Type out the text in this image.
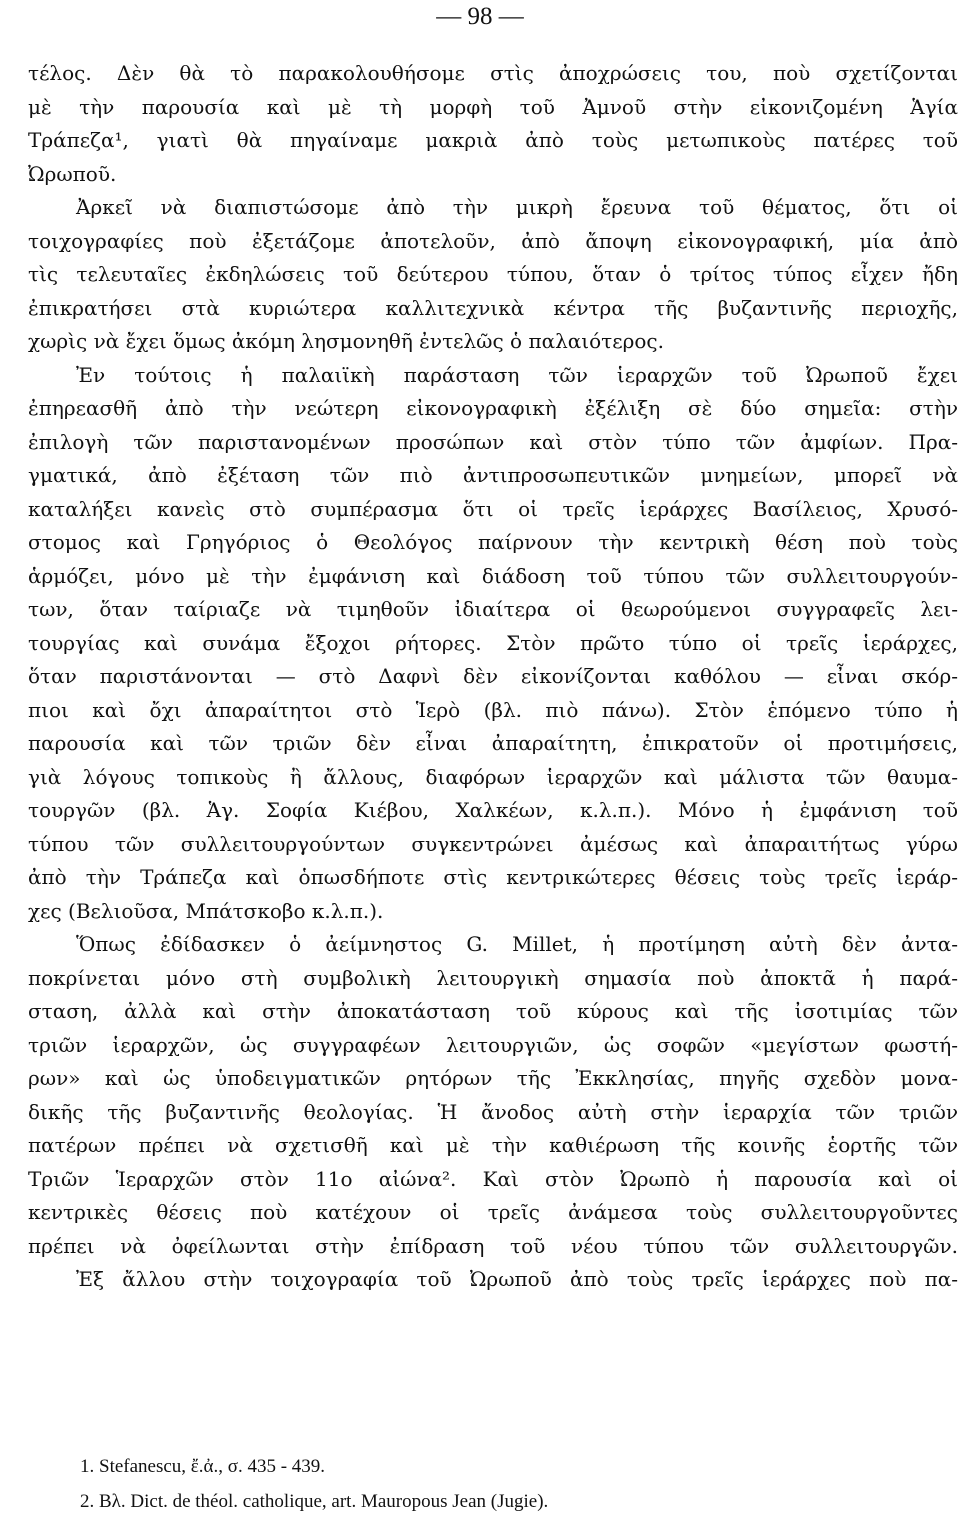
— 98 —
τέλος. Δὲν θὰ τὸ παρακολουθήσομε στὶς ἀποχρώσεις του, ποὺ σχετίζονται
μὲ τὴν παρουσία καὶ μὲ τὴ μορφὴ τοῦ Ἀμνοῦ στὴν εἰκονιζομένη Ἁγία
Τράπεζα¹, γιατὶ θὰ πηγαίναμε μακριὰ ἀπὸ τοὺς μετωπικοὺς πατέρες τοῦ
Ὠρωποῦ.
Ἀρκεῖ νὰ διαπιστώσομε ἀπὸ τὴν μικρὴ ἔρευνα τοῦ θέματος, ὅτι οἱ
τοιχογραφίες ποὺ ἐξετάζομε ἀποτελοῦν, ἀπὸ ἄποψη εἰκονογραφική, μία ἀπὸ
τὶς τελευταῖες ἐκδηλώσεις τοῦ δεύτερου τύπου, ὅταν ὁ τρίτος τύπος εἶχεν ἤδη
ἐπικρατήσει στὰ κυριώτερα καλλιτεχνικὰ κέντρα τῆς βυζαντινῆς περιοχῆς,
χωρὶς νὰ ἔχει ὅμως ἀκόμη λησμονηθῆ ἐντελῶς ὁ παλαιότερος.
Ἐν τούτοις ἡ παλαιϊκὴ παράσταση τῶν ἱεραρχῶν τοῦ Ὠρωποῦ ἔχει
ἐπηρεασθῆ ἀπὸ τὴν νεώτερη εἰκονογραφικὴ ἐξέλιξη σὲ δύο σημεῖα: στὴν
ἐπιλογὴ τῶν παριστανομένων προσώπων καὶ στὸν τύπο τῶν ἀμφίων. Πρα-
γματικά, ἀπὸ ἐξέταση τῶν πιὸ ἀντιπροσωπευτικῶν μνημείων, μπορεῖ νὰ
καταλήξει κανεὶς στὸ συμπέρασμα ὅτι οἱ τρεῖς ἱεράρχες Βασίλειος, Χρυσό-
στομος καὶ Γρηγόριος ὁ Θεολόγος παίρνουν τὴν κεντρικὴ θέση ποὺ τοὺς
ἁρμόζει, μόνο μὲ τὴν ἐμφάνιση καὶ διάδοση τοῦ τύπου τῶν συλλειτουργούν-
των, ὅταν ταίριαζε νὰ τιμηθοῦν ἰδιαίτερα οἱ θεωρούμενοι συγγραφεῖς λει-
τουργίας καὶ συνάμα ἔξοχοι ρήτορες. Στὸν πρῶτο τύπο οἱ τρεῖς ἱεράρχες,
ὅταν παριστάνονται — στὸ Δαφνὶ δὲν εἰκονίζονται καθόλου — εἶναι σκόρ-
πιοι καὶ ὄχι ἀπαραίτητοι στὸ Ἱερὸ (βλ. πιὸ πάνω). Στὸν ἑπόμενο τύπο ἡ
παρουσία καὶ τῶν τριῶν δὲν εἶναι ἀπαραίτητη, ἐπικρατοῦν οἱ προτιμήσεις,
γιὰ λόγους τοπικοὺς ἢ ἄλλους, διαφόρων ἱεραρχῶν καὶ μάλιστα τῶν θαυμα-
τουργῶν (βλ. Ἁγ. Σοφία Κιέβου, Χαλκέων, κ.λ.π.). Μόνο ἡ ἐμφάνιση τοῦ
τύπου τῶν συλλειτουργούντων συγκεντρώνει ἀμέσως καὶ ἀπαραιτήτως γύρω
ἀπὸ τὴν Τράπεζα καὶ ὁπωσδήποτε στὶς κεντρικώτερες θέσεις τοὺς τρεῖς ἱεράρ-
χες (Βελιοῦσα, Μπάτσκοβο κ.λ.π.).
Ὅπως ἐδίδασκεν ὁ ἀείμνηστος G. Millet, ἡ προτίμηση αὐτὴ δὲν ἀντα-
ποκρίνεται μόνο στὴ συμβολικὴ λειτουργικὴ σημασία ποὺ ἀποκτᾶ ἡ παρά-
σταση, ἀλλὰ καὶ στὴν ἀποκατάσταση τοῦ κύρους καὶ τῆς ἰσοτιμίας τῶν
τριῶν ἱεραρχῶν, ὡς συγγραφέων λειτουργιῶν, ὡς σοφῶν «μεγίστων φωστή-
ρων» καὶ ὡς ὑποδειγματικῶν ρητόρων τῆς Ἐκκλησίας, πηγῆς σχεδὸν μονα-
δικῆς τῆς βυζαντινῆς θεολογίας. Ἡ ἄνοδος αὐτὴ στὴν ἱεραρχία τῶν τριῶν
πατέρων πρέπει νὰ σχετισθῆ καὶ μὲ τὴν καθιέρωση τῆς κοινῆς ἑορτῆς τῶν
Τριῶν Ἱεραρχῶν στὸν 11ο αἰώνα². Καὶ στὸν Ὠρωπὸ ἡ παρουσία καὶ οἱ
κεντρικὲς θέσεις ποὺ κατέχουν οἱ τρεῖς ἀνάμεσα τοὺς συλλειτουργοῦντες
πρέπει νὰ ὀφείλωνται στὴν ἐπίδραση τοῦ νέου τύπου τῶν συλλειτουργῶν.
Ἐξ ἄλλου στὴν τοιχογραφία τοῦ Ὠρωποῦ ἀπὸ τοὺς τρεῖς ἱεράρχες ποὺ πα-
1. Stefanescu, ἔ.ἀ., σ. 435 - 439.
2. Βλ. Dict. de théol. catholique, art. Mauropous Jean (Jugie).
